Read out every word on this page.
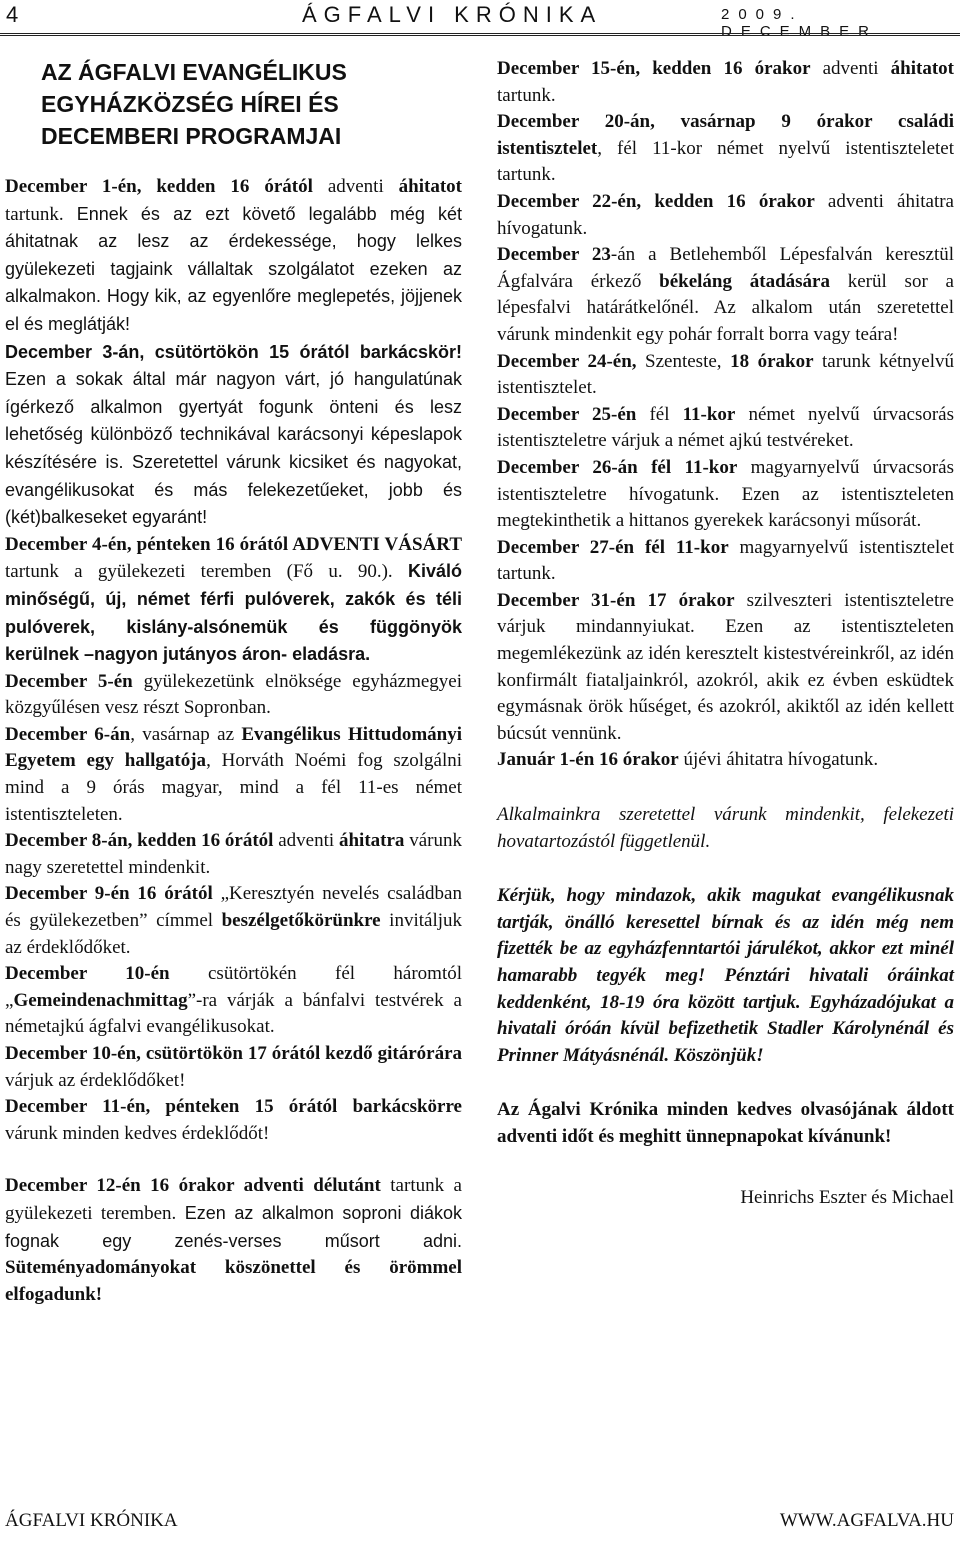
4	ÁGFALVI KRÓNIKA	2009. DECEMBER

AZ ÁGFALVI EVANGÉLIKUS EGYHÁZKÖZSÉG HÍREI ÉS DECEMBERI PROGRAMJAI

December 1-én, kedden 16 órától adventi áhitatot tartunk. Ennek és az ezt követő legalább még két áhitatnak az lesz az érdekessége, hogy lelkes gyülekezeti tagjaink vállaltak szolgálatot ezeken az alkalmakon. Hogy kik, az egyenlőre meglepetés, jöjjenek el és meglátják!

December 3-án, csütörtökön 15 órától barkácskör! Ezen a sokak által már nagyon várt, jó hangulatúnak ígérkező alkalmon gyertyát fogunk önteni és lesz lehetőség különböző technikával karácsonyi képeslapok készítésére is. Szeretettel várunk kicsiket és nagyokat, evangélikusokat és más felekezetűeket, jobb és (két)balkeseket egyaránt!

December 4-én, pénteken 16 órától ADVENTI VÁSÁRT tartunk a gyülekezeti teremben (Fő u. 90.). Kiváló minőségű, új, német férfi pulóverek, zakók és téli pulóverek, kislány-alsónemük és függönyök kerülnek –nagyon jutányos áron- eladásra.

December 5-én gyülekezetünk elnöksége egyházmegyei közgyűlésen vesz részt Sopronban.

December 6-án, vasárnap az Evangélikus Hittudományi Egyetem egy hallgatója, Horváth Noémi fog szolgálni mind a 9 órás magyar, mind a fél 11-es német istentiszteleten.

December 8-án, kedden 16 órától adventi áhitatra várunk nagy szeretettel mindenkit.

December 9-én 16 órától „Keresztyén nevelés családban és gyülekezetben” címmel beszélgetőkörünkre invitáljuk az érdeklődőket.

December 10-én csütörtökén fél háromtól „Gemeindenachmittag”-ra várják a bánfalvi testvérek a németajkú ágfalvi evangélikusokat.

December 10-én, csütörtökön 17 órától kezdő gitárórára várjuk az érdeklődőket!

December 11-én, pénteken 15 órától barkácskörre várunk minden kedves érdeklődőt!

December 12-én 16 órakor adventi délutánt tartunk a gyülekezeti teremben. Ezen az alkalmon soproni diákok fognak egy zenés-verses műsort adni. Süteményadományokat köszönettel és örömmel elfogadunk!

December 15-én, kedden 16 órakor adventi áhitatot tartunk.

December 20-án, vasárnap 9 órakor családi istentisztelet, fél 11-kor német nyelvű istentiszteletet tartunk.

December 22-én, kedden 16 órakor adventi áhitatra hívogatunk.

December 23-án a Betlehemből Lépesfalván keresztül Ágfalvára érkező békeláng átadására kerül sor a lépesfalvi határátkelőnél. Az alkalom után szeretettel várunk mindenkit egy pohár forralt borra vagy teára!

December 24-én, Szenteste, 18 órakor tarunk kétnyelvű istentisztelet.

December 25-én fél 11-kor német nyelvű úrvacsorás istentiszteletre várjuk a német ajkú testvéreket.

December 26-án fél 11-kor magyarnyelvű úrvacsorás istentiszteletre hívogatunk. Ezen az istentiszteleten megtekinthetik a hittanos gyerekek karácsonyi műsorát.

December 27-én fél 11-kor magyarnyelvű istentisztelet tartunk.

December 31-én 17 órakor szilveszteri istentiszteletre várjuk mindannyiukat. Ezen az istentiszteleten megemlékezünk az idén keresztelt kistestvéreinkről, az idén konfirmált fiataljainkról, azokról, akik ez évben esküdtek egymásnak örök hűséget, és azokról, akiktől az idén kellett búcsút vennünk.

Január 1-én 16 órakor újévi áhitatra hívogatunk.

Alkalmainkra szeretettel várunk mindenkit, felekezeti hovatartozástól függetlenül.

Kérjük, hogy mindazok, akik magukat evangélikusnak tartják, önálló keresettel bírnak és az idén még nem fizették be az egyházfenntartói járulékot, akkor ezt minél hamarabb tegyék meg! Pénztári hivatali óráinkat keddenként, 18-19 óra között tartjuk. Egyházadójukat a hivatali óróán kívül befizethetik Stadler Károlynénál és Prinner Mátyásnénál. Köszönjük!

Az Ágalvi Krónika minden kedves olvasójának áldott adventi időt és meghitt ünnepnapokat kívánunk!

Heinrichs Eszter és Michael

ÁGFALVI KRÓNIKA	WWW.AGFALVA.HU
